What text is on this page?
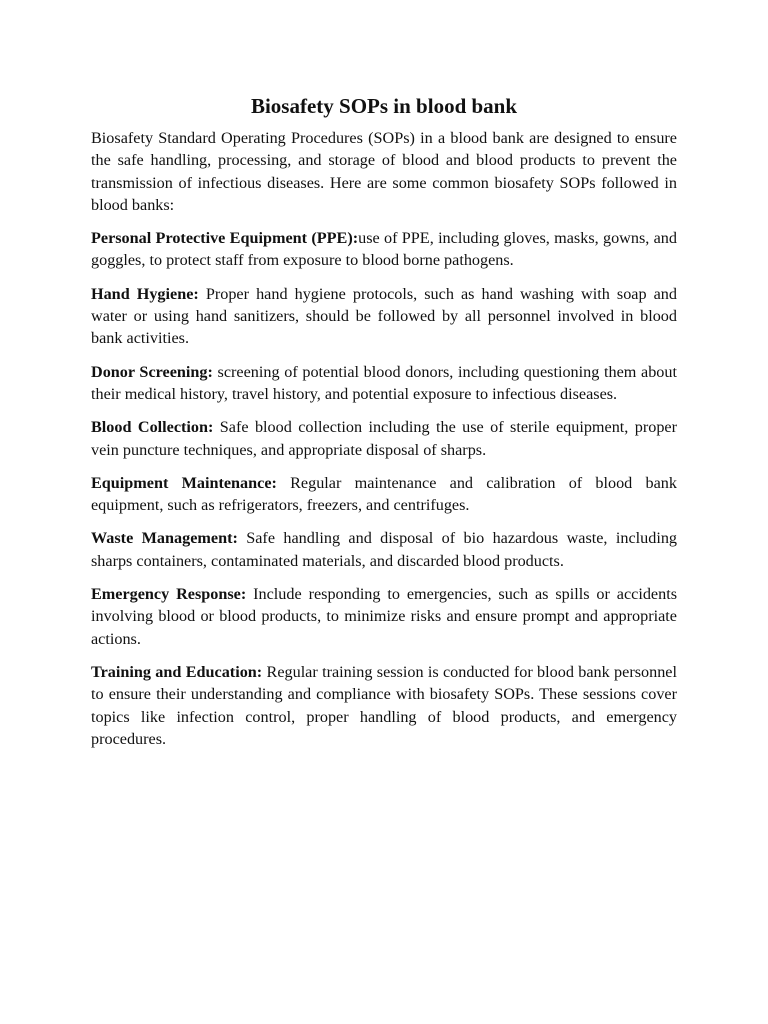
Biosafety SOPs in blood bank

Biosafety Standard Operating Procedures (SOPs) in a blood bank are designed to ensure the safe handling, processing, and storage of blood and blood products to prevent the transmission of infectious diseases. Here are some common biosafety SOPs followed in blood banks:

Personal Protective Equipment (PPE):use of PPE, including gloves, masks, gowns, and goggles, to protect staff from exposure to blood borne pathogens.

Hand Hygiene: Proper hand hygiene protocols, such as hand washing with soap and water or using hand sanitizers, should be followed by all personnel involved in blood bank activities.

Donor Screening: screening of potential blood donors, including questioning them about their medical history, travel history, and potential exposure to infectious diseases.

Blood Collection: Safe blood collection including the use of sterile equipment, proper vein puncture techniques, and appropriate disposal of sharps.

Equipment Maintenance: Regular maintenance and calibration of blood bank equipment, such as refrigerators, freezers, and centrifuges.

Waste Management: Safe handling and disposal of bio hazardous waste, including sharps containers, contaminated materials, and discarded blood products.

Emergency Response: Include responding to emergencies, such as spills or accidents involving blood or blood products, to minimize risks and ensure prompt and appropriate actions.

Training and Education: Regular training session is conducted for blood bank personnel to ensure their understanding and compliance with biosafety SOPs. These sessions cover topics like infection control, proper handling of blood products, and emergency procedures.
